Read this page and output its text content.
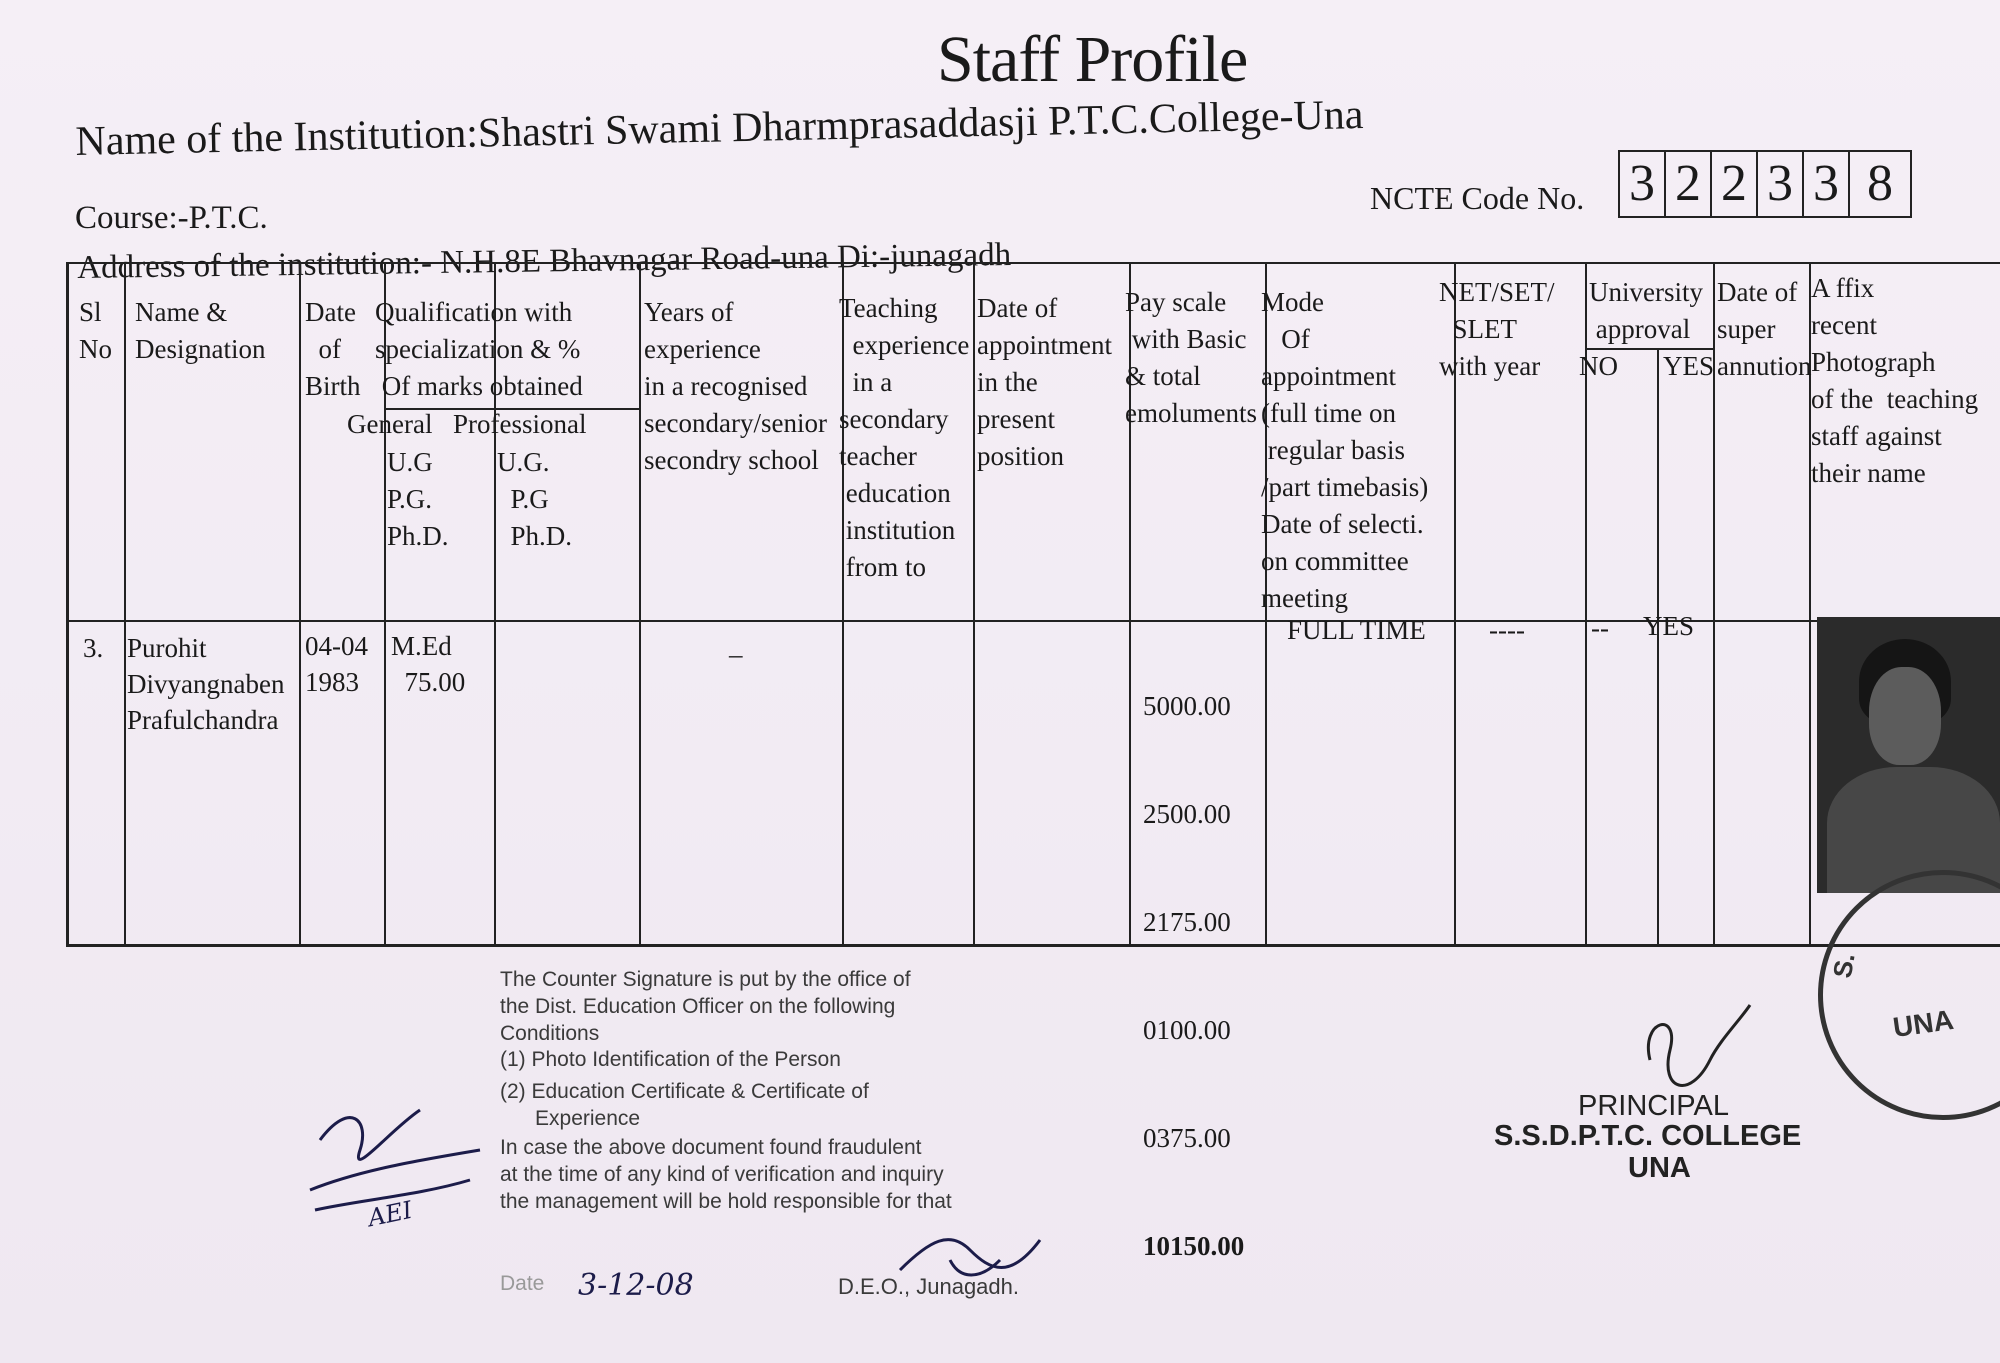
Staff Profile
Name of the Institution:Shastri Swami Dharmprasaddasji P.T.C.College-Una
Course:-P.T.C.
NCTE Code No. 3 2 2 3 3 8
Address of the institution:- N.H.8E Bhavnagar Road-una Di:-junagadh
Sl
No
Name &
Designation
Date
of
Birth
Qualification with
specialization & %
Of marks obtained
General Professional
U.G
P.G.
Ph.D.
U.G.
P.G
Ph.D.
Years of
experience
in a recognised
secondary/senior
secondry school
Teaching
experience
in a
secondary
teacher
education
institution
from to
Date of
appointment
in the
present
position
Pay scale
with Basic
& total
emoluments
Mode
Of
appointment
(full time on
regular basis
/part timebasis)
Date of selecti.
on committee
meeting
NET/SET/
SLET
with year
University
approval
NO YES
Date of
super
annution
A ffix
recent
Photograph
of the  teaching
staff against
their name
3. Purohit
Divyangnaben
Prafulchandra
04-04
1983
M.Ed
75.00
–

5000.00

2500.00

2175.00

0100.00

0375.00

10150.00

FULL TIME ---- -- YES
UNA
S.
The Counter Signature is put by the office of
the Dist. Education Officer on the following
Conditions
(1) Photo Identification of the Person
(2) Education Certificate & Certificate of
Experience
In case the above document found fraudulent
at the time of any kind of verification and inquiry
the management will be hold responsible for that
Date 3-12-08	D.E.O., Junagadh.
AEI
PRINCIPAL
S.S.D.P.T.C. COLLEGE
UNA
